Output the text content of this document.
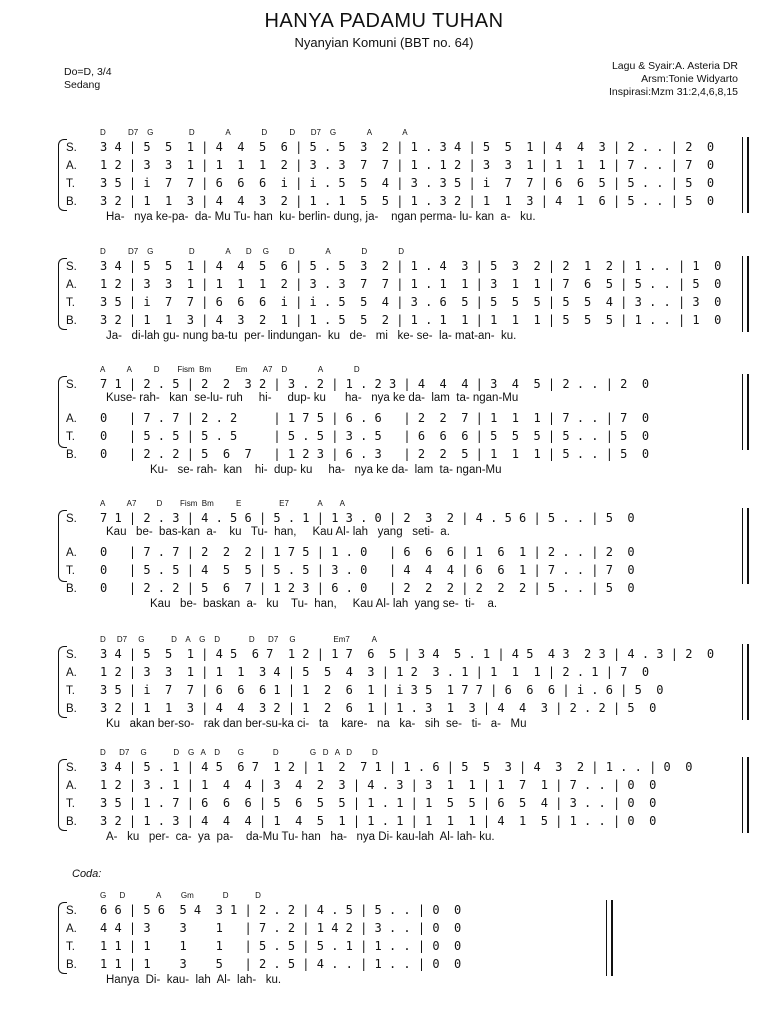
HANYA PADAMU TUHAN
Nyanyian Komuni (BBT no. 64)
Do=D, 3/4
Sedang
Lagu & Syair:A. Asteria DR
Arsm:Tonie Widyarto
Inspirasi:Mzm 31:2,4,6,8,15
D          D7    G                D              A              D          D       D7    G              A              A
S. 3 4 | 5  5  1 | 4  4  5  6 | 5 . 5  3  2 | 1 . 3 4 | 5  5  1 | 4  4  3 | 2 . . | 2  0
A. 1 2 | 3  3  1 | 1  1  1  2 | 3 . 3  7  7 | 1 . 1 2 | 3  3  1 | 1  1  1 | 7 . . | 7  0
T. 3 5 | i  7  7 | 6  6  6  i | i . 5  5  4 | 3 . 3 5 | i  7  7 | 6  6  5 | 5 . . | 5  0
B. 3 2 | 1  1  3 | 4  4  3  2 | 1 . 1  5  5 | 1 . 3 2 | 1  1  3 | 4  1  6 | 5 . . | 5  0
Ha-   nya ke-pa-  da- Mu Tu- han  ku- berlin- dung, ja-    ngan perma- lu- kan  a-   ku.
D          D7    G                D              A       D     G         D              A              D              D
S. 3 4 | 5  5  1 | 4  4  5  6 | 5 . 5  3  2 | 1 . 4  3 | 5  3  2 | 2  1  2 | 1 . . | 1  0
A. 1 2 | 3  3  1 | 1  1  1  2 | 3 . 3  7  7 | 1 . 1  1 | 3  1  1 | 7  6  5 | 5 . . | 5  0
T. 3 5 | i  7  7 | 6  6  6  i | i . 5  5  4 | 3 . 6  5 | 5  5  5 | 5  5  4 | 3 . . | 3  0
B. 3 2 | 1  1  3 | 4  3  2  1 | 1 . 5  5  2 | 1 . 1  1 | 1  1  1 | 5  5  5 | 1 . . | 1  0
Ja-   di-lah gu- nung ba-tu  per- lindungan-  ku   de-   mi   ke- se-  la- mat-an-  ku.
A          A          D        Fism  Bm           Em       A7    D              A              D
S. 7 1 | 2 . 5 | 2  2  3 2 | 3 . 2 | 1 . 2 3 | 4  4  4 | 3  4  5 | 2 . . | 2  0
Kuse- rah-   kan  se-lu- ruh     hi-     dup- ku      ha-   nya ke da-  lam  ta- ngan-Mu
A. 0   | 7 . 7 | 2 . 2     | 1 7 5 | 6 . 6   | 2  2  7 | 1  1  1 | 7 . . | 7  0
T. 0   | 5 . 5 | 5 . 5     | 5 . 5 | 3 . 5   | 6  6  6 | 5  5  5 | 5 . . | 5  0
B. 0   | 2 . 2 | 5  6  7   | 1 2 3 | 6 . 3   | 2  2  5 | 1  1  1 | 5 . . | 5  0
Ku-   se- rah-  kan    hi-  dup- ku     ha-   nya ke da-  lam  ta- ngan-Mu
A          A7         D        Fism  Bm          E                 E7             A        A
S. 7 1 | 2 . 3 | 4 . 5 6 | 5 . 1 | 1 3 . 0 | 2  3  2 | 4 . 5 6 | 5 . . | 5  0
Kau   be-  bas-kan  a-    ku   Tu-  han,     Kau Al- lah   yang   seti-  a.
A. 0   | 7 . 7 | 2  2  2 | 1 7 5 | 1 . 0   | 6  6  6 | 1  6  1 | 2 . . | 2  0
T. 0   | 5 . 5 | 4  5  5 | 5 . 5 | 3 . 0   | 4  4  4 | 6  6  1 | 7 . . | 7  0
B. 0   | 2 . 2 | 5  6  7 | 1 2 3 | 6 . 0   | 2  2  2 | 2  2  2 | 5 . . | 5  0
Kau   be-  baskan  a-   ku    Tu-  han,     Kau Al- lah  yang se-  ti-    a.
D     D7     G            D    A    G    D             D      D7     G                 Em7          A
S. 3 4 | 5  5  1 | 4 5  6 7  1 2 | 1 7  6  5 | 3 4  5 . 1 | 4 5  4 3  2 3 | 4 . 3 | 2  0
A. 1 2 | 3  3  1 | 1  1  3 4 | 5  5  4  3 | 1 2  3 . 1 | 1  1  1 | 2 . 1 | 7  0
T. 3 5 | i  7  7 | 6  6  6 1 | 1  2  6  1 | i 3 5  1 7 7 | 6  6  6 | i . 6 | 5  0
B. 3 2 | 1  1  3 | 4  4  3 2 | 1  2  6  1 | 1 . 3  1  3 | 4  4  3 | 2 . 2 | 5  0
Ku   akan ber-so-   rak dan ber-su-ka ci-   ta    kare-   na   ka-   sih  se-   ti-   a-   Mu
D      D7     G            D    G   A    D        G             D              G   D   A   D         D
S. 3 4 | 5 . 1 | 4 5  6 7  1 2 | 1  2  7 1 | 1 . 6 | 5  5  3 | 4  3  2 | 1 . . | 0  0
A. 1 2 | 3 . 1 | 1  4  4 | 3  4  2  3 | 4 . 3 | 3  1  1 | 1  7  1 | 7 . . | 0  0
T. 3 5 | 1 . 7 | 6  6  6 | 5  6  5  5 | 1 . 1 | 1  5  5 | 6  5  4 | 3 . . | 0  0
B. 3 2 | 1 . 3 | 4  4  4 | 1  4  5  1 | 1 . 1 | 1  1  1 | 4  1  5 | 1 . . | 0  0
A-   ku   per-  ca-  ya  pa-    da-Mu Tu- han   ha-   nya Di- kau-lah  Al- lah- ku.
Coda:
G      D              A         Gm             D            D
S. 6 6 | 5 6  5 4  3 1 | 2 . 2 | 4 . 5 | 5 . . | 0  0
A. 4 4 | 3    3    1   | 7 . 2 | 1 4 2 | 3 . . | 0  0
T. 1 1 | 1    1    1   | 5 . 5 | 5 . 1 | 1 . . | 0  0
B. 1 1 | 1    3    5   | 2 . 5 | 4 . . | 1 . . | 0  0
Hanya  Di-  kau-  lah  Al-  lah-   ku.
